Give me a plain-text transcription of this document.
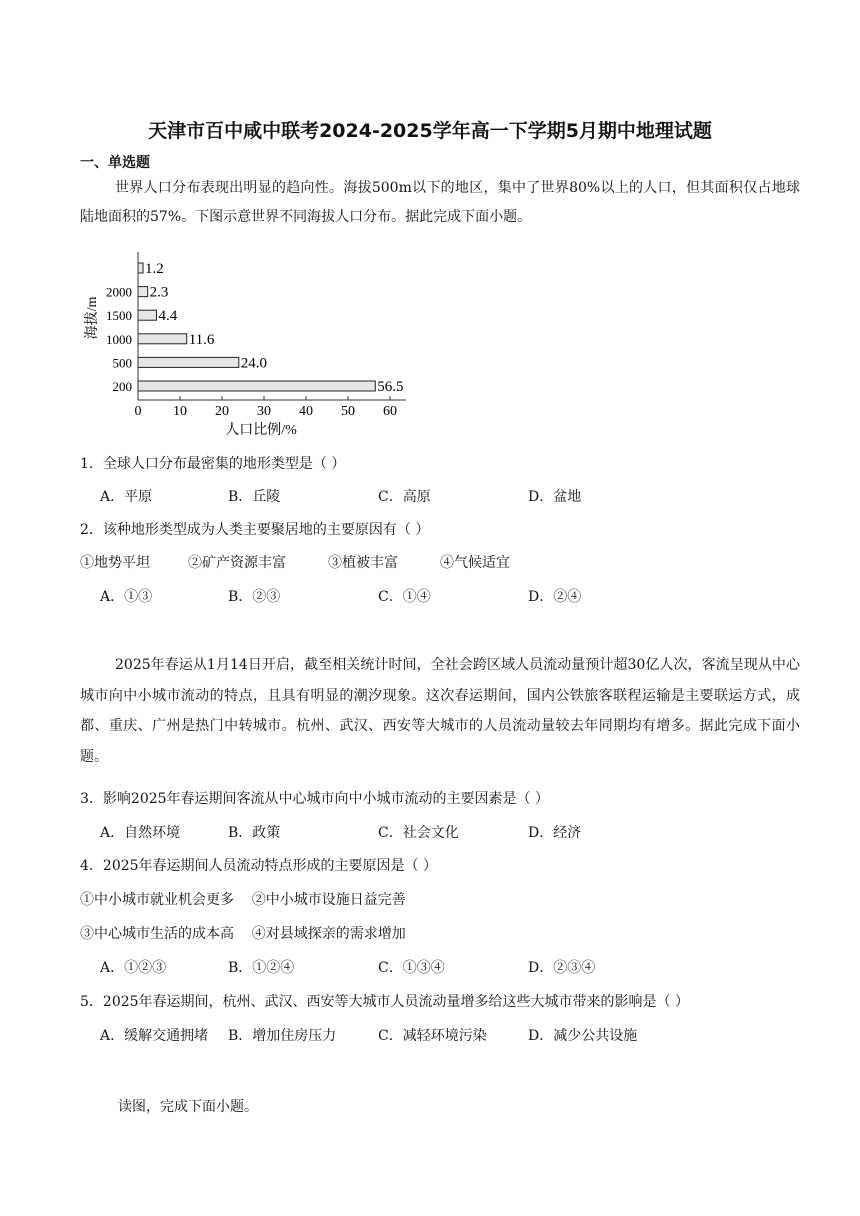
天津市百中咸中联考2024-2025学年高一下学期5月期中地理试题
一、单选题
世界人口分布表现出明显的趋向性。海拔500m以下的地区，集中了世界80%以上的人口，但其面积仅占地球陆地面积的57%。下图示意世界不同海拔人口分布。据此完成下面小题。
56.5
24.0
11.6
4.4
2.3
1.2
0 10 20 30 40 50 60
200
500
1000
1500
2000
海拔/m
人口比例/%
1．全球人口分布最密集的地形类型是（ ）
A．平原	B．丘陵	C．高原	D．盆地
2．该种地形类型成为人类主要聚居地的主要原因有（ ）
①地势平坦	②矿产资源丰富	③植被丰富	④气候适宜
A．①③	B．②③	C．①④	D．②④
2025年春运从1月14日开启，截至相关统计时间，全社会跨区域人员流动量预计超30亿人次，客流呈现从中心城市向中小城市流动的特点，且具有明显的潮汐现象。这次春运期间，国内公铁旅客联程运输是主要联运方式，成都、重庆、广州是热门中转城市。杭州、武汉、西安等大城市的人员流动量较去年同期均有增多。据此完成下面小题。
3．影响2025年春运期间客流从中心城市向中小城市流动的主要因素是（ ）
A．自然环境	B．政策	C．社会文化	D．经济
4．2025年春运期间人员流动特点形成的主要原因是（ ）
①中小城市就业机会更多    ②中小城市设施日益完善
③中心城市生活的成本高    ④对县域探亲的需求增加
A．①②③	B．①②④	C．①③④	D．②③④
5．2025年春运期间，杭州、武汉、西安等大城市人员流动量增多给这些大城市带来的影响是（ ）
A．缓解交通拥堵 B．增加住房压力	C．减轻环境污染	D．减少公共设施
读图，完成下面小题。
